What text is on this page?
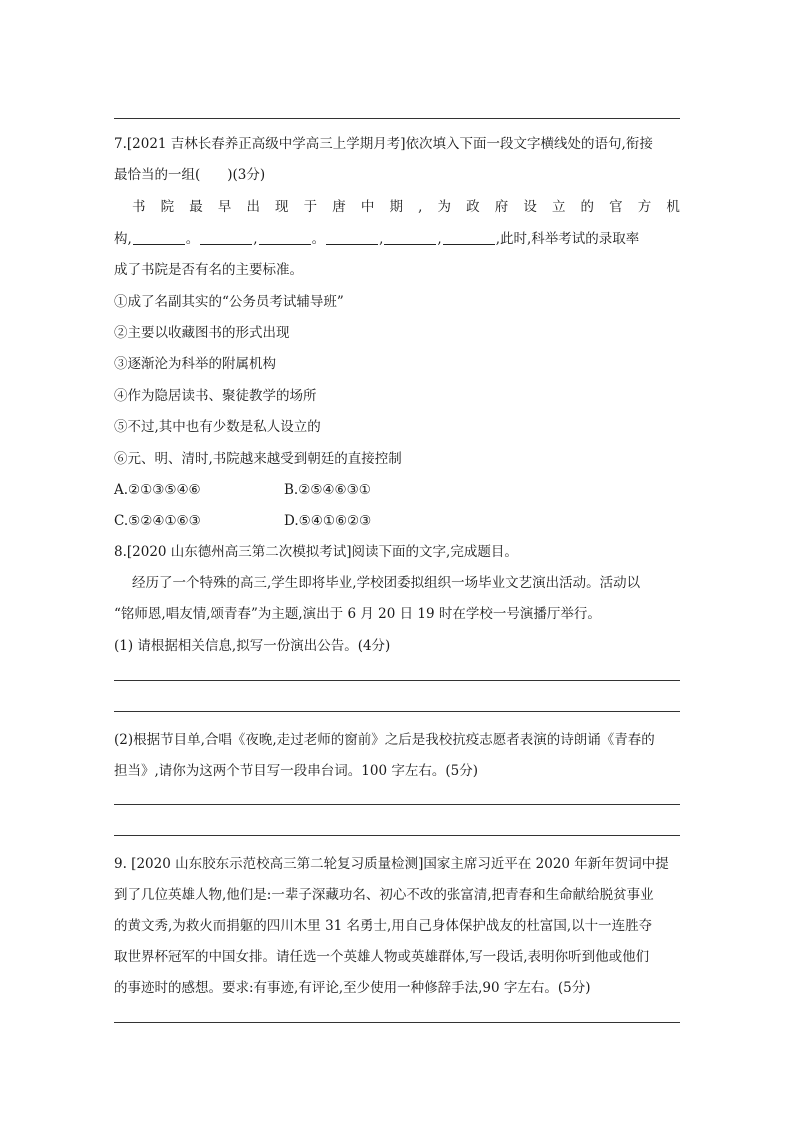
7.[2021 吉林长春养正高级中学高三上学期月考]依次填入下面一段文字横线处的语句,衔接
最恰当的一组(　　)(3分)
书 院 最 早 出 现 于 唐 中 期 , 为 政 府 设 立 的 官 方 机
构,	。	,	。	,	,	,此时,科举考试的录取率
成了书院是否有名的主要标准。
①成了名副其实的“公务员考试辅导班”
②主要以收藏图书的形式出现
③逐渐沦为科举的附属机构
④作为隐居读书、聚徒教学的场所
⑤不过,其中也有少数是私人设立的
⑥元、明、清时,书院越来越受到朝廷的直接控制
A.②①③⑤④⑥	B.②⑤④⑥③①
C.⑤②④①⑥③	D.⑤④①⑥②③
8.[2020 山东德州高三第二次模拟考试]阅读下面的文字,完成题目。
经历了一个特殊的高三,学生即将毕业,学校团委拟组织一场毕业文艺演出活动。活动以
“铭师恩,唱友情,颂青春”为主题,演出于 6 月 20 日 19 时在学校一号演播厅举行。
(1) 请根据相关信息,拟写一份演出公告。(4分)
(2)根据节目单,合唱《夜晚,走过老师的窗前》之后是我校抗疫志愿者表演的诗朗诵《青春的
担当》,请你为这两个节目写一段串台词。100 字左右。(5分)
9. [2020 山东胶东示范校高三第二轮复习质量检测]国家主席习近平在 2020 年新年贺词中提
到了几位英雄人物,他们是:一辈子深藏功名、初心不改的张富清,把青春和生命献给脱贫事业
的黄文秀,为救火而捐躯的四川木里 31 名勇士,用自己身体保护战友的杜富国,以十一连胜夺
取世界杯冠军的中国女排。请任选一个英雄人物或英雄群体,写一段话,表明你听到他或他们
的事迹时的感想。要求:有事迹,有评论,至少使用一种修辞手法,90 字左右。(5分)
